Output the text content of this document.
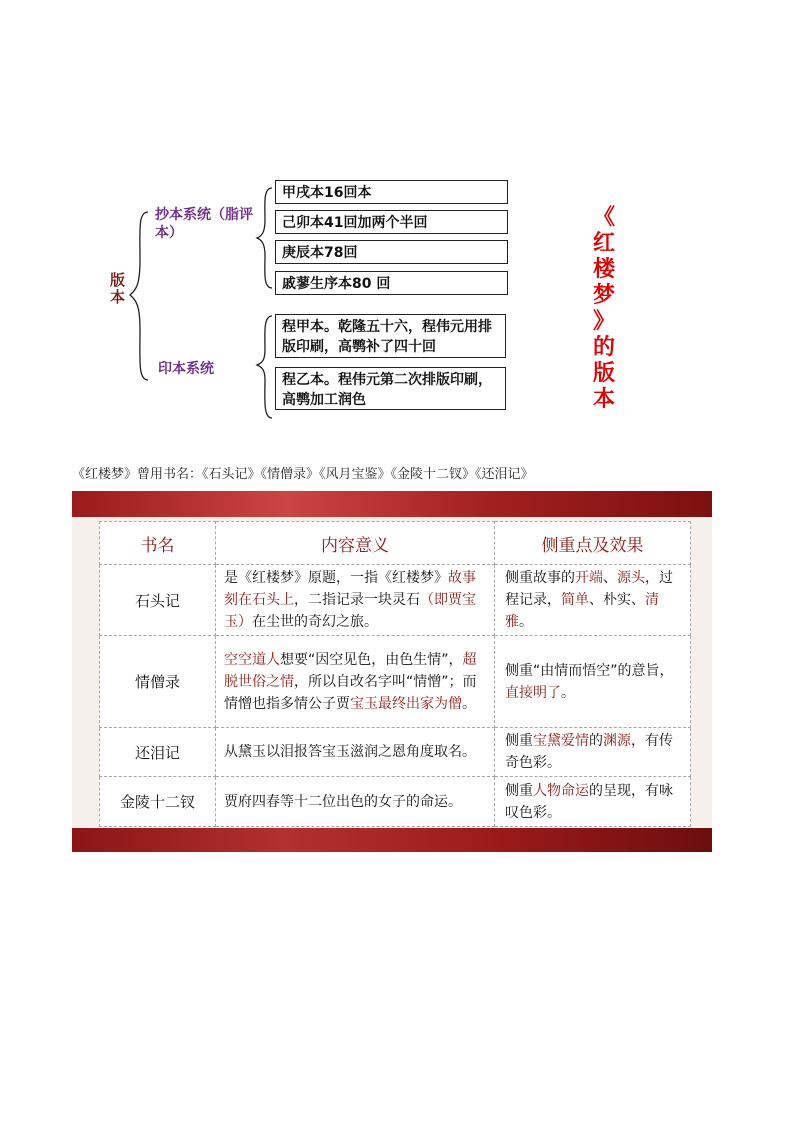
版
本
抄本系统（脂评本）
印本系统
甲戌本16回本
己卯本41回加两个半回
庚辰本78回
戚蓼生序本80 回
程甲本。乾隆五十六，程伟元用排版印刷，高鹗补了四十回
程乙本。程伟元第二次排版印刷，高鹗加工润色
《
红
楼
梦
》
的
版
本
《红楼梦》曾用书名：《石头记》《情僧录》《风月宝鉴》《金陵十二钗》《还泪记》
书名	内容意义	侧重点及效果
石头记	是《红楼梦》原题，一指《红楼梦》故事刻在石头上，二指记录一块灵石（即贾宝玉）在尘世的奇幻之旅。	侧重故事的开端、源头，过程记录，简单、朴实、清雅。
情僧录	空空道人想要“因空见色，由色生情”，超脱世俗之情，所以自改名字叫“情憎”；而情憎也指多情公子贾宝玉最终出家为僧。	侧重“由情而悟空”的意旨，直接明了。
还泪记	从黛玉以泪报答宝玉滋润之恩角度取名。	侧重宝黛爱情的渊源，有传奇色彩。
金陵十二钗	贾府四春等十二位出色的女子的命运。	侧重人物命运的呈现，有咏叹色彩。
